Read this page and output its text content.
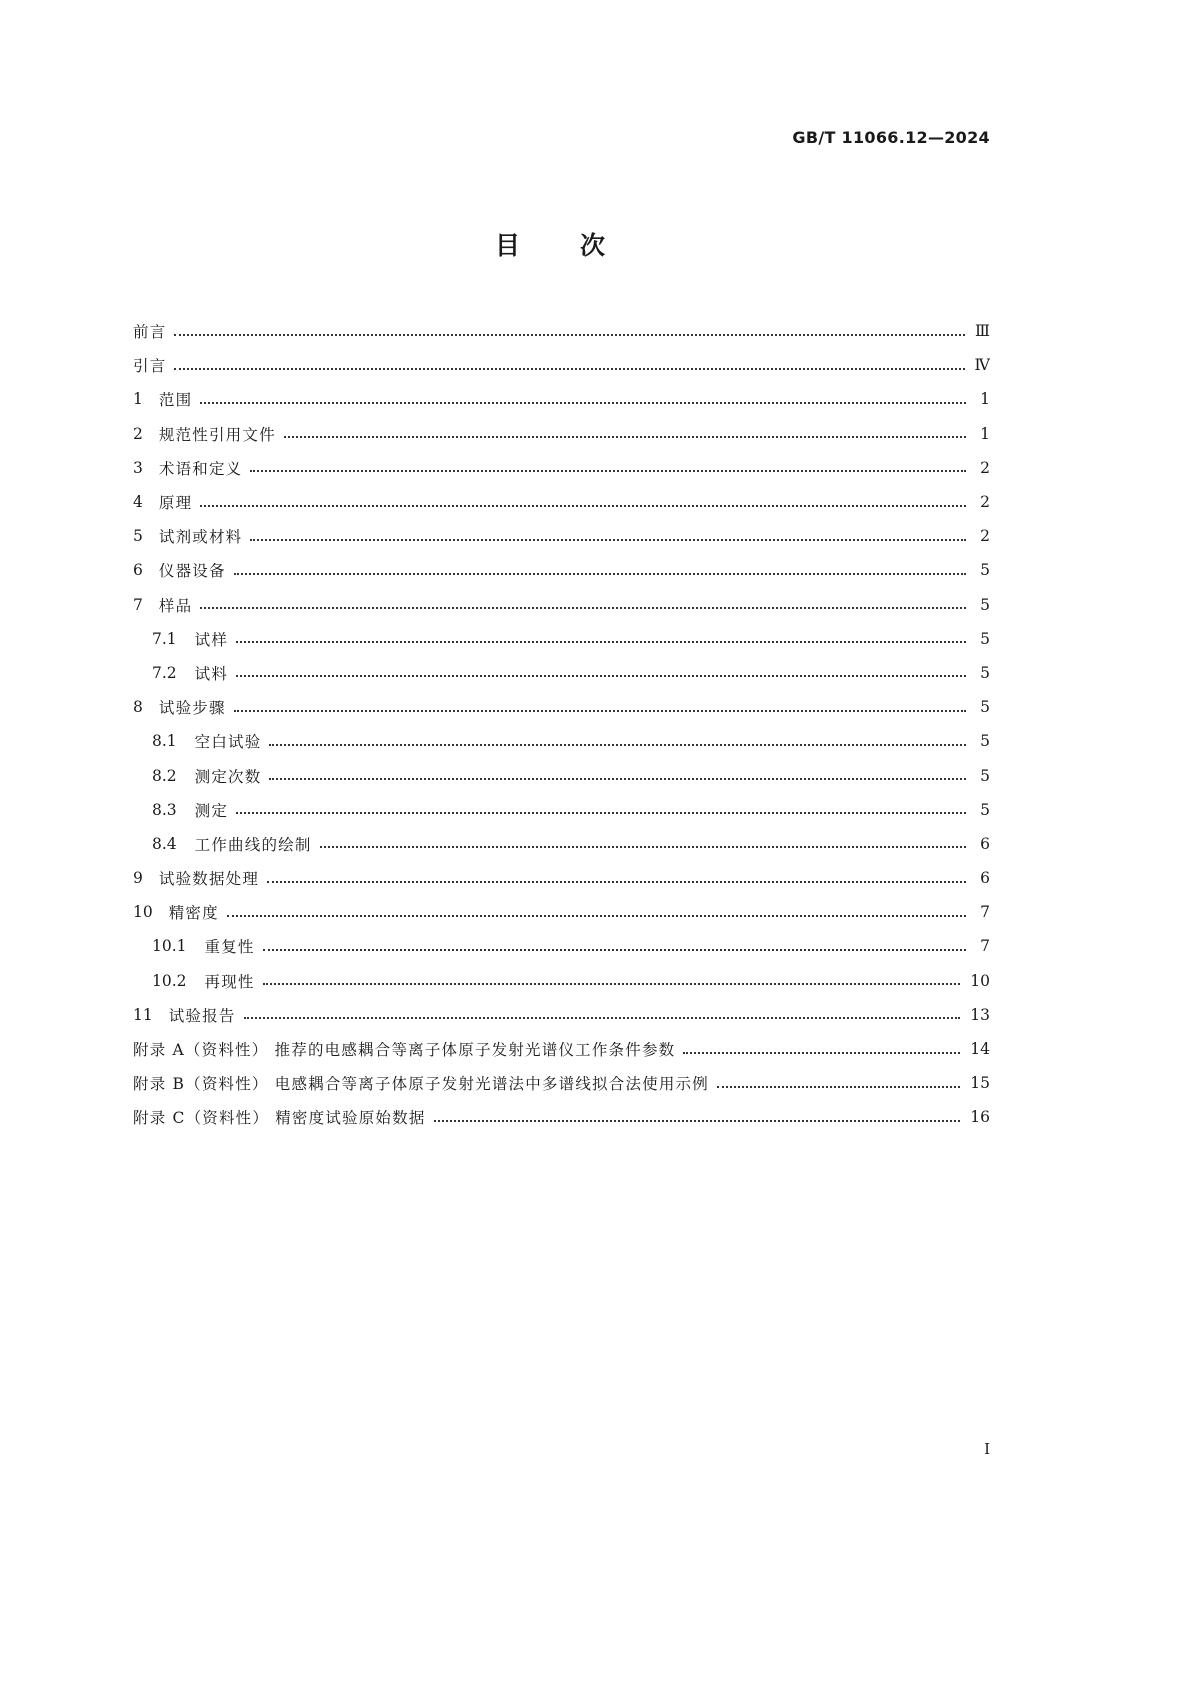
GB/T 11066.12—2024
目次
前言	Ⅲ
引言	Ⅳ
1 范围	1
2 规范性引用文件	1
3 术语和定义	2
4 原理	2
5 试剂或材料	2
6 仪器设备	5
7 样品	5
7.1 试样	5
7.2 试料	5
8 试验步骤	5
8.1 空白试验	5
8.2 测定次数	5
8.3 测定	5
8.4 工作曲线的绘制	6
9 试验数据处理	6
10 精密度	7
10.1 重复性	7
10.2 再现性	10
11 试验报告	13
附录 A（资料性） 推荐的电感耦合等离子体原子发射光谱仪工作条件参数	14
附录 B（资料性） 电感耦合等离子体原子发射光谱法中多谱线拟合法使用示例	15
附录 C（资料性） 精密度试验原始数据	16
I
